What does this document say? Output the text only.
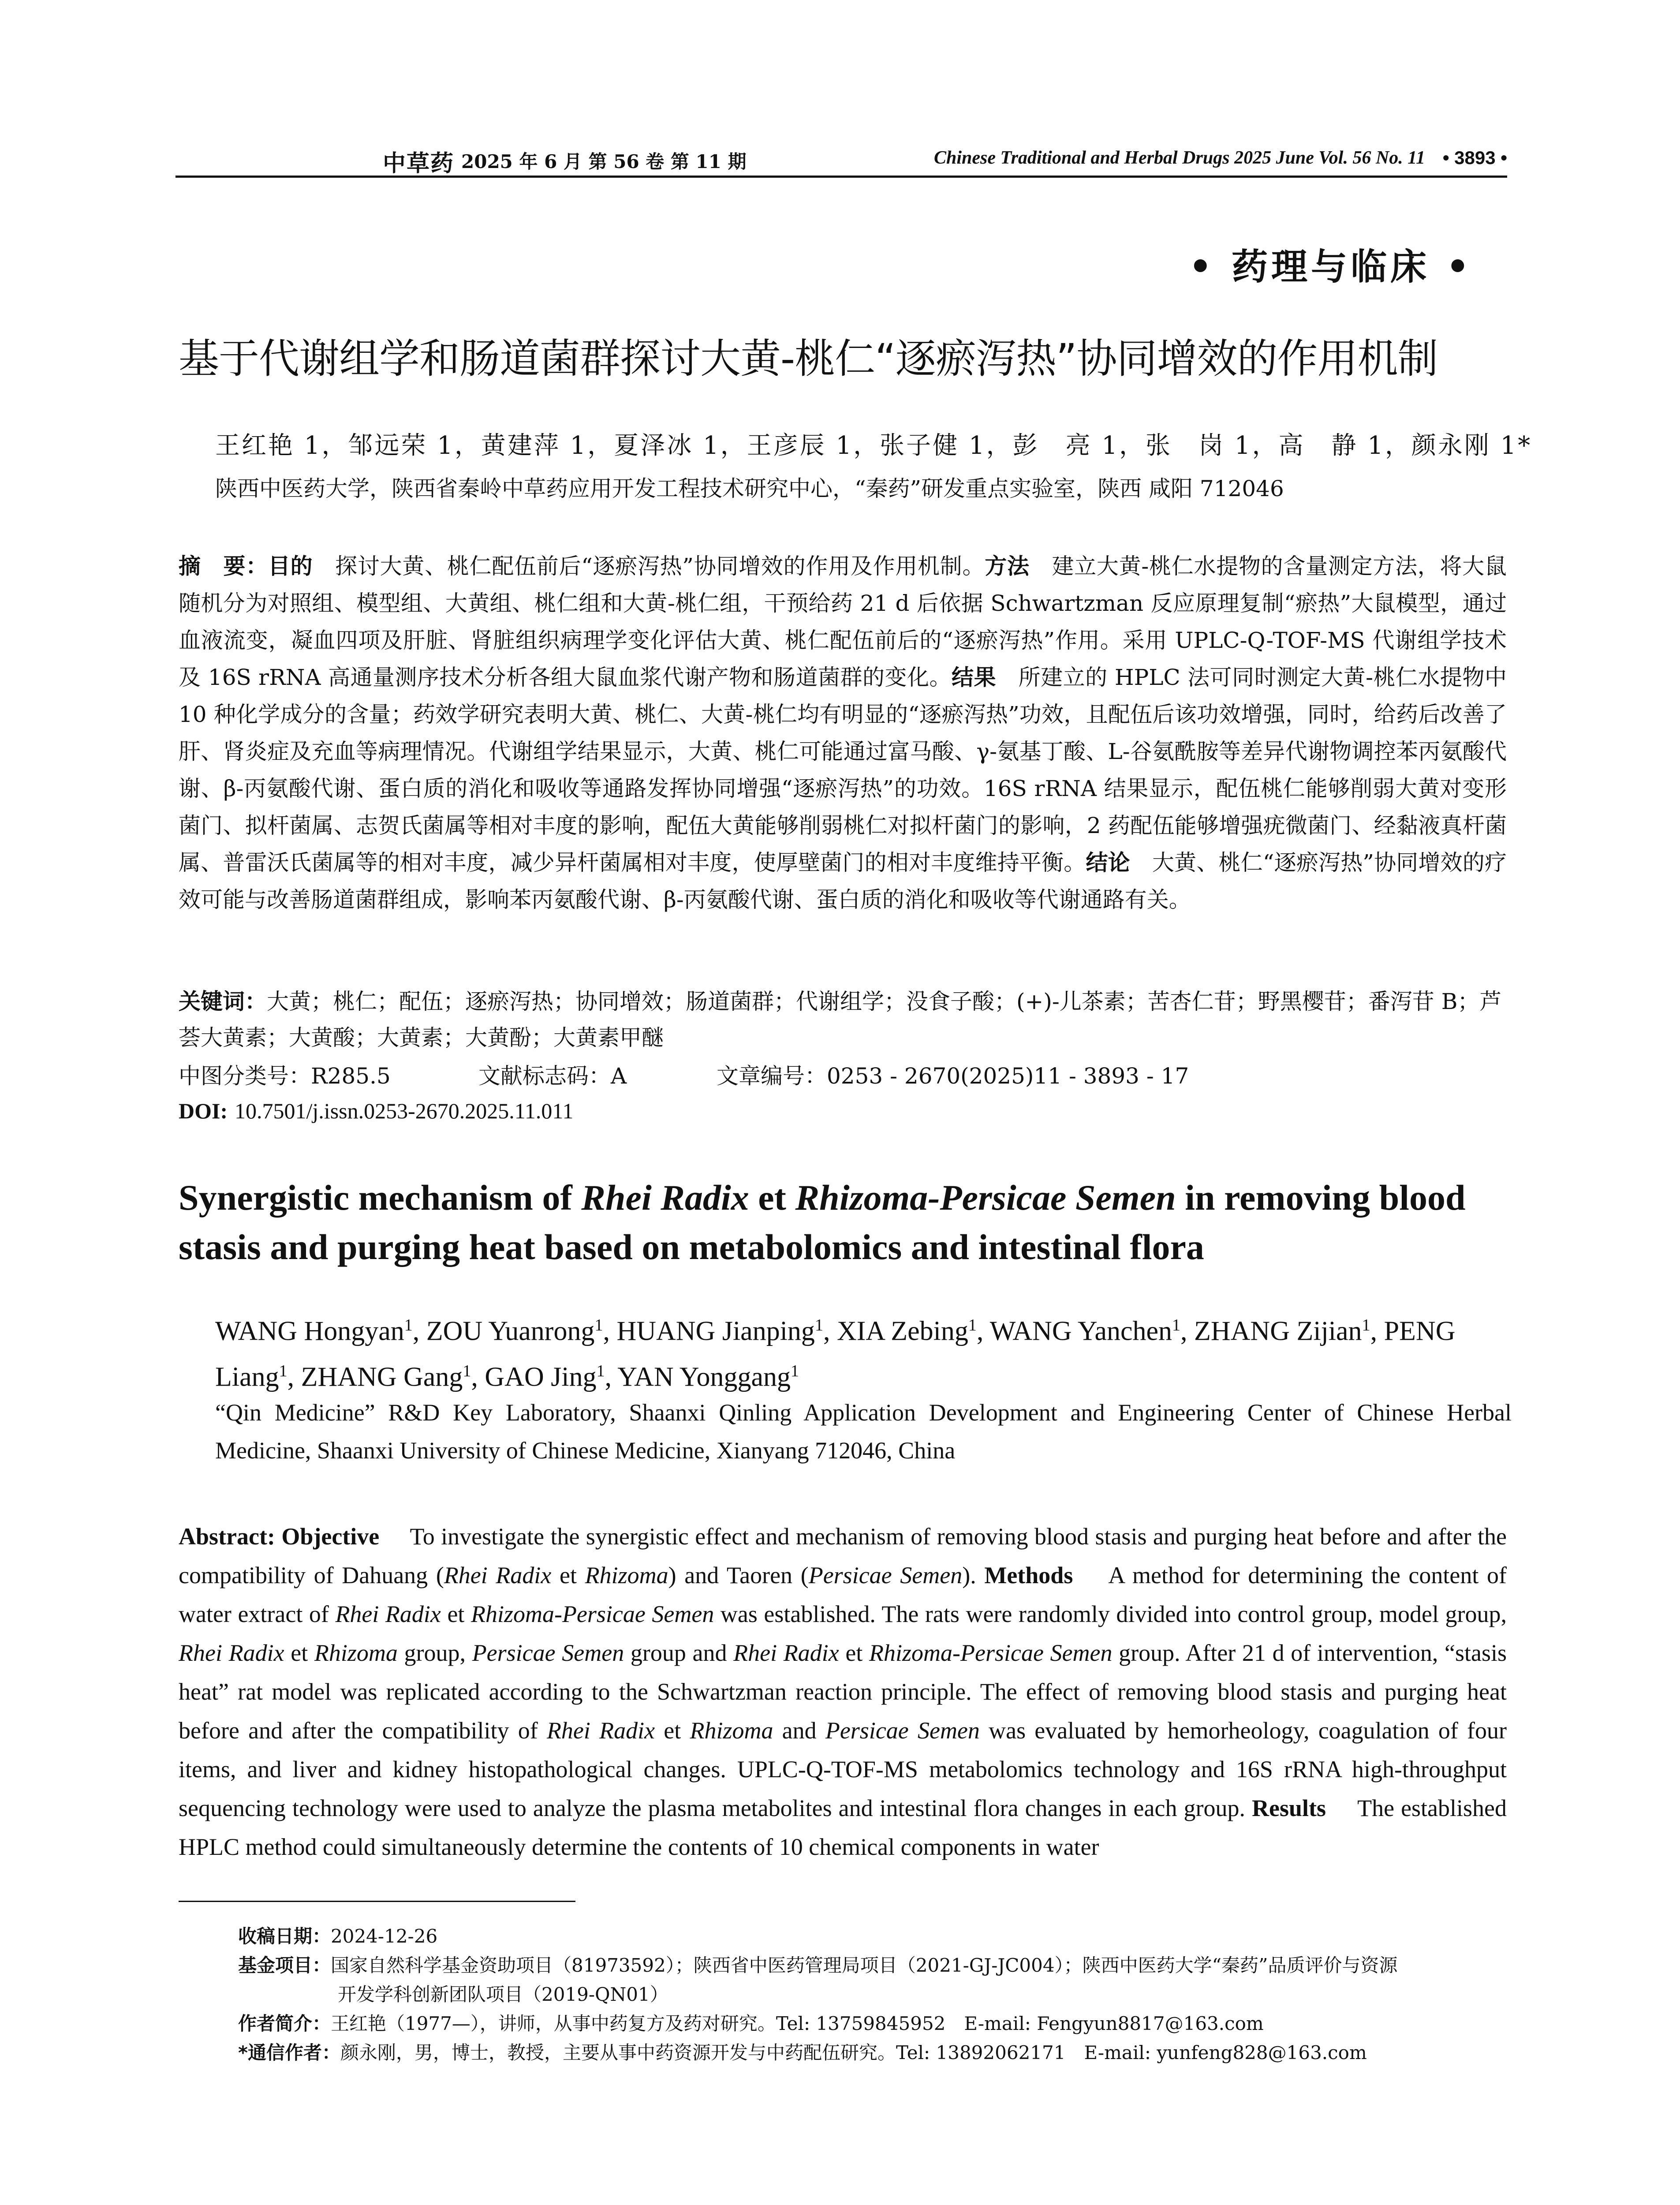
中草药 2025 年 6 月 第 56 卷 第 11 期	Chinese Traditional and Herbal Drugs 2025 June Vol. 56 No. 11 • 3893 •
• 药理与临床 •
基于代谢组学和肠道菌群探讨大黄-桃仁“逐瘀泻热”协同增效的作用机制
王红艳 1，邹远荣 1，黄建萍 1，夏泽冰 1，王彦辰 1，张子健 1，彭　亮 1，张　岗 1，高　静 1，颜永刚 1*
陕西中医药大学，陕西省秦岭中草药应用开发工程技术研究中心，“秦药”研发重点实验室，陕西 咸阳 712046
摘　要：目的　 探讨大黄、桃仁配伍前后“逐瘀泻热”协同增效的作用及作用机制。方法　 建立大黄-桃仁水提物的含量测定方法，将大鼠随机分为对照组、模型组、大黄组、桃仁组和大黄-桃仁组，干预给药 21 d 后依据 Schwartzman 反应原理复制“瘀热”大鼠模型，通过血液流变，凝血四项及肝脏、肾脏组织病理学变化评估大黄、桃仁配伍前后的“逐瘀泻热”作用。采用 UPLC-Q-TOF-MS 代谢组学技术及 16S rRNA 高通量测序技术分析各组大鼠血浆代谢产物和肠道菌群的变化。结果　 所建立的 HPLC 法可同时测定大黄-桃仁水提物中 10 种化学成分的含量；药效学研究表明大黄、桃仁、大黄-桃仁均有明显的“逐瘀泻热”功效，且配伍后该功效增强，同时，给药后改善了肝、肾炎症及充血等病理情况。代谢组学结果显示，大黄、桃仁可能通过富马酸、γ-氨基丁酸、L-谷氨酰胺等差异代谢物调控苯丙氨酸代谢、β-丙氨酸代谢、蛋白质的消化和吸收等通路发挥协同增强“逐瘀泻热”的功效。16S rRNA 结果显示，配伍桃仁能够削弱大黄对变形菌门、拟杆菌属、志贺氏菌属等相对丰度的影响，配伍大黄能够削弱桃仁对拟杆菌门的影响，2 药配伍能够增强疣微菌门、经黏液真杆菌属、普雷沃氏菌属等的相对丰度，减少异杆菌属相对丰度，使厚壁菌门的相对丰度维持平衡。结论　 大黄、桃仁“逐瘀泻热”协同增效的疗效可能与改善肠道菌群组成，影响苯丙氨酸代谢、β-丙氨酸代谢、蛋白质的消化和吸收等代谢通路有关。
关键词：大黄；桃仁；配伍；逐瘀泻热；协同增效；肠道菌群；代谢组学；没食子酸；(+)-儿茶素；苦杏仁苷；野黑樱苷；番泻苷 B；芦荟大黄素；大黄酸；大黄素；大黄酚；大黄素甲醚
中图分类号：R285.5	文献标志码：A	文章编号：0253 - 2670(2025)11 - 3893 - 17
DOI: 10.7501/j.issn.0253-2670.2025.11.011
Synergistic mechanism of Rhei Radix et Rhizoma-Persicae Semen in removing blood stasis and purging heat based on metabolomics and intestinal flora
WANG Hongyan$^1$, ZOU Yuanrong$^1$, HUANG Jianping$^1$, XIA Zebing$^1$, WANG Yanchen$^1$, ZHANG Zijian$^1$, PENG Liang$^1$, ZHANG Gang$^1$, GAO Jing$^1$, YAN Yonggang$^1$
“Qin Medicine” R&D Key Laboratory, Shaanxi Qinling Application Development and Engineering Center of Chinese Herbal Medicine, Shaanxi University of Chinese Medicine, Xianyang 712046, China
Abstract: Objective　 To investigate the synergistic effect and mechanism of removing blood stasis and purging heat before and after the compatibility of Dahuang (Rhei Radix et Rhizoma) and Taoren (Persicae Semen). Methods　 A method for determining the content of water extract of Rhei Radix et Rhizoma-Persicae Semen was established. The rats were randomly divided into control group, model group, Rhei Radix et Rhizoma group, Persicae Semen group and Rhei Radix et Rhizoma-Persicae Semen group. After 21 d of intervention, “stasis heat” rat model was replicated according to the Schwartzman reaction principle. The effect of removing blood stasis and purging heat before and after the compatibility of Rhei Radix et Rhizoma and Persicae Semen was evaluated by hemorheology, coagulation of four items, and liver and kidney histopathological changes. UPLC-Q-TOF-MS metabolomics technology and 16S rRNA high-throughput sequencing technology were used to analyze the plasma metabolites and intestinal flora changes in each group. Results　 The established HPLC method could simultaneously determine the contents of 10 chemical components in water
收稿日期：2024-12-26
基金项目：国家自然科学基金资助项目（81973592）；陕西省中医药管理局项目（2021-GJ-JC004）；陕西中医药大学“秦药”品质评价与资源
开发学科创新团队项目（2019-QN01）
作者简介：王红艳（1977—），讲师，从事中药复方及药对研究。Tel: 13759845952　E-mail: Fengyun8817@163.com
*通信作者：颜永刚，男，博士，教授，主要从事中药资源开发与中药配伍研究。Tel: 13892062171　E-mail: yunfeng828@163.com
